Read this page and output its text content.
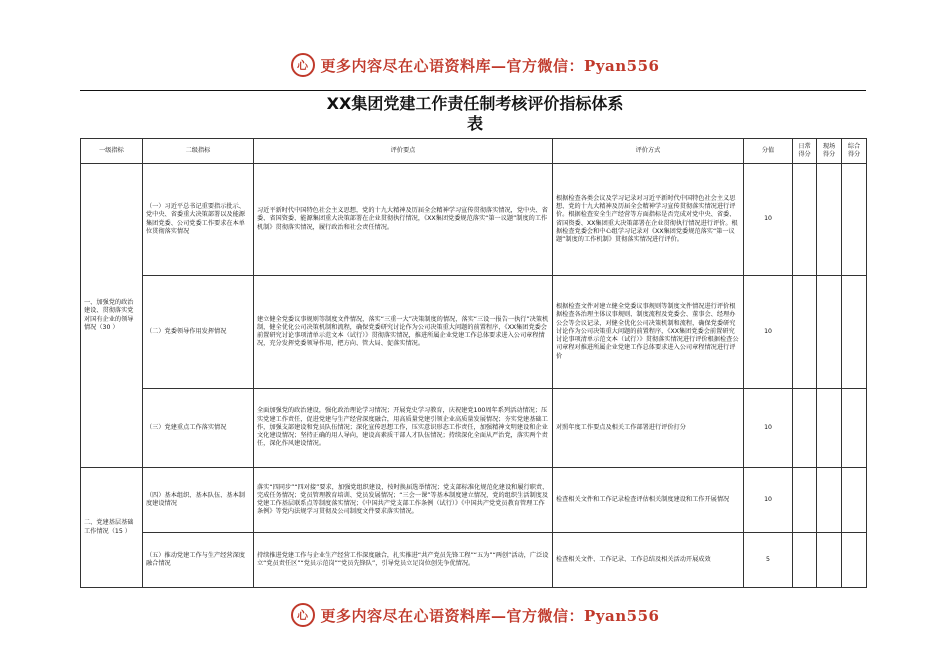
心 更多内容尽在心语资料库—官方微信：Pyan556
XX集团党建工作责任制考核评价指标体系
表
一级指标	二级指标	评价要点	评价方式	分值	日常得分	现场得分	综合得分
一、加强党的政治建设、贯彻落实党对国有企业的领导情况（30 ）	（一）习近平总书记重要指示批示、党中央、省委重大决策部署以及能源集团党委、公司党委工作要求在本单位贯彻落实情况	习近平新时代中国特色社会主义思想，党的十九大精神及历届全会精神学习宣传贯彻落实情况，党中央、省委、省国资委、能源集团重大决策部署在企业贯彻执行情况，《XX集团党委规范落实“第一议题”制度的工作机制》贯彻落实情况，履行政治和社会责任情况。	根据检查各类会议及学习记录对习近平新时代中国特色社会主义思想、党的十九大精神及历届全会精神学习宣传贯彻落实情况进行评价。根据检查安全生产经营等方面指标是否完成对党中央、省委、省国资委、XX集团重大决策部署在企业贯彻执行情况进行评价。根据检查党委会和中心组学习记录对《XX集团党委规范落实“第一议题”制度的工作机制》贯彻落实情况进行评价。	10			
	（二）党委领导作用发挥情况	建立健全党委议事规则等制度文件情况，落实“三重一大”决策制度的情况，落实“三设一报告一执行”决策机制，健全优化公司决策机制和流程，确保党委研究讨论作为公司决策重大问题的前置程序，《XX集团党委会前置研究讨论事项清单示范文本（试行）》贯彻落实情况，推进所属企业党建工作总体要求进入公司章程情况，充分发挥党委领导作用，把方向、管大局、促落实情况。	根据检查文件对建立健全党委议事规则等制度文件情况进行评价根据检查各治理主体议事规则、制度流程及党委会、董事会、经理办公会等会议记录，对健全优化公司决策机制和流程，确保党委研究讨论作为公司决策重大问题的前置程序，《XX集团党委会前置研究讨论事项清单示范文本（试行）》贯彻落实情况进行评价根据检查公司章程对推进所属企业党建工作总体要求进入公司章程情况进行评价	10			
	（三）党建重点工作落实情况	全面加强党的政治建设，强化政治理论学习情况；开展党史学习教育，庆祝建党100周年系列活动情况；压实党建工作责任，促进党建与生产经营深度融合，用高质量党建引领企业高质量发展情况；夯实党建基础工作，加强支部建设和党员队伍情况；深化宣传思想工作，压实意识形态工作责任，加强精神文明建设和企业文化建设情况；坚持正确的用人导向，建设高素质干部人才队伍情况；持续深化全面从严治党，落实两个责任，深化作风建设情况。	对照年度工作要点及相关工作部署进行评价打分	10			
二、党建基层基础工作情况（15 ）	（四）基本组织、基本队伍、基本制度建设情况	落实“四同步”“四对接”要求，加强党组织建设，按时换届选举情况；党支部标准化规范化建设和履行职责、完成任务情况；党员管理教育培训、党员发展情况；“三会一课”等基本制度建立情况，党的组织生活制度及党建工作基层联系点等制度落实情况；《中国共产党支部工作条例（试行）》《中国共产党党员教育管理工作条例》等党内法规学习贯彻及公司制度文件要求落实情况。	检查相关文件和工作记录检查评估相关制度建设和工作开展情况	10			
	（五）推动党建工作与生产经营深度融合情况	持续推进党建工作与企业生产经营工作深度融合，扎实推进“共产党员先锋工程”“五为”“两创”活动，广泛设立“党员责任区”“党员示范岗”“党员先锋队”，引导党员立足岗位创先争优情况。	检查相关文件、工作记录、工作总结及相关活动开展成效	5			
心 更多内容尽在心语资料库—官方微信：Pyan556
